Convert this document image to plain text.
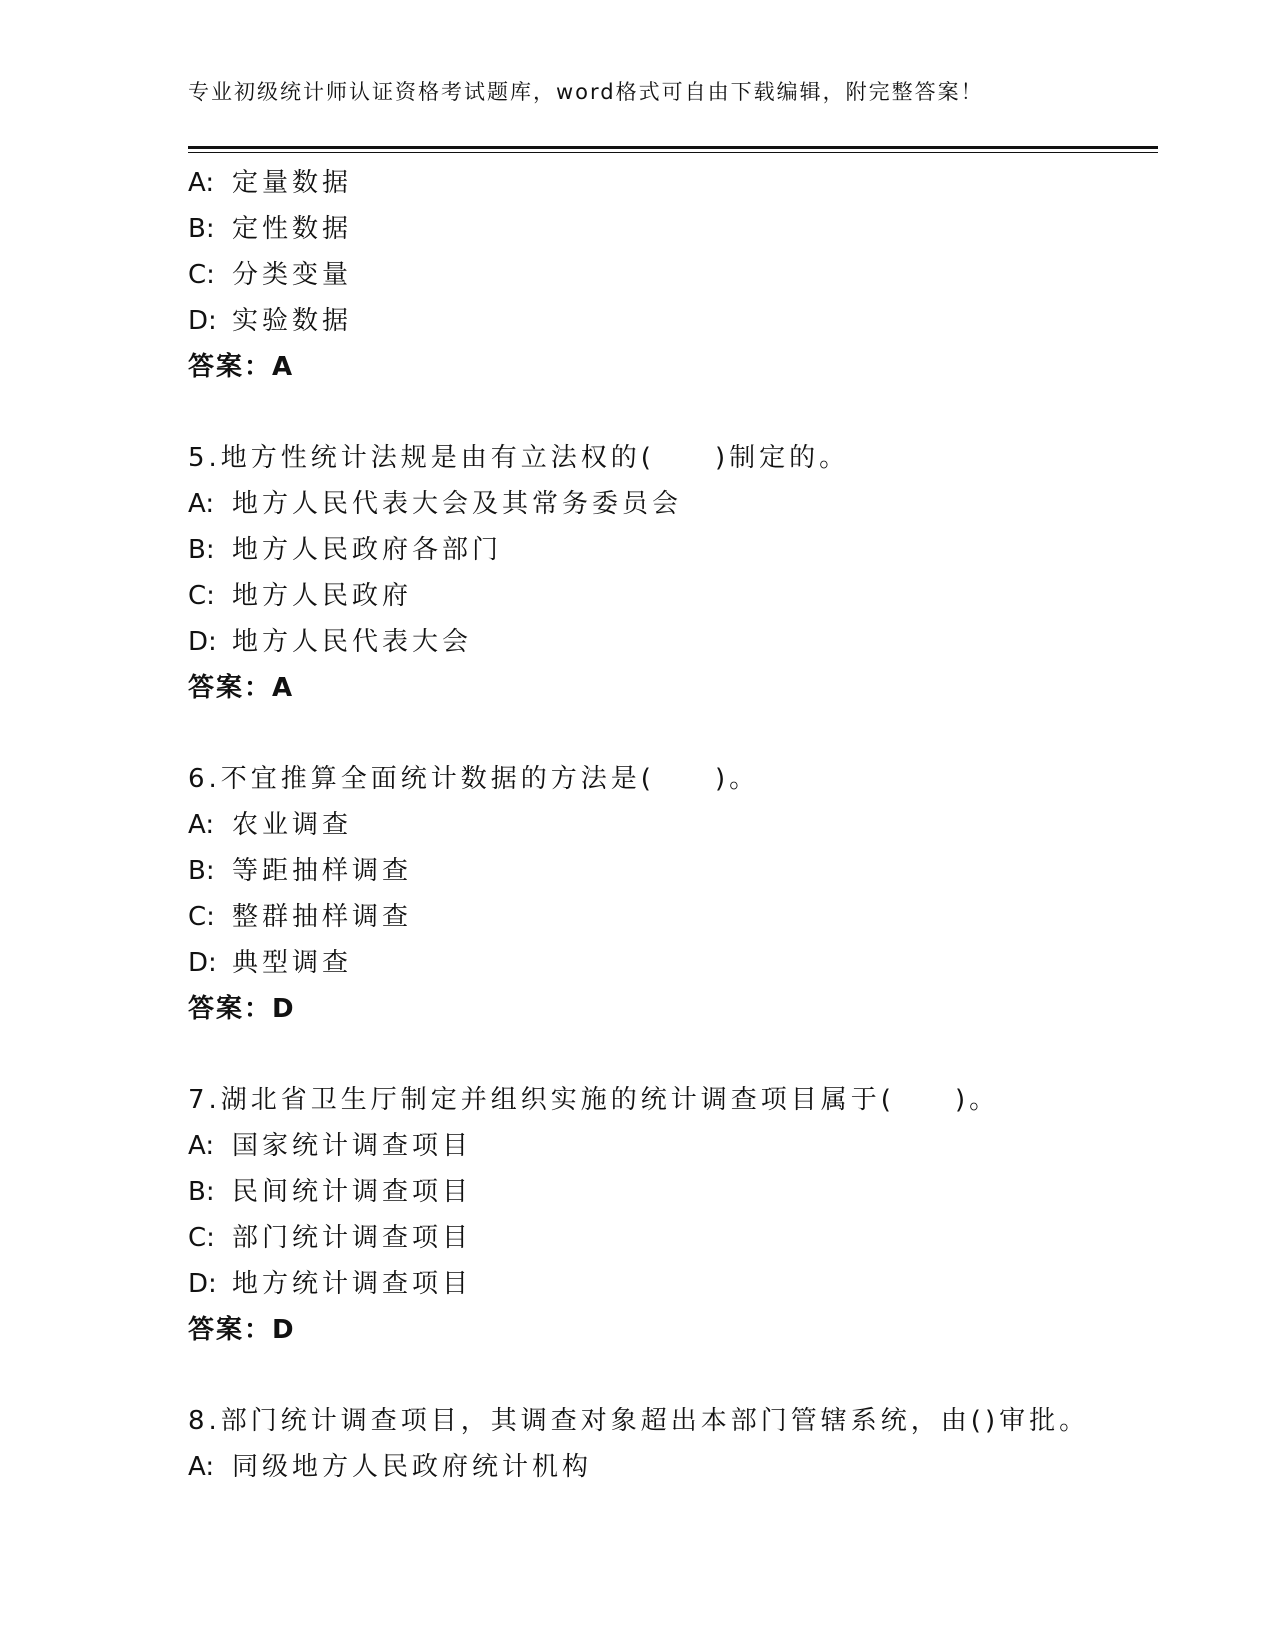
专业初级统计师认证资格考试题库，word格式可自由下载编辑，附完整答案！
A: 定量数据
B: 定性数据
C: 分类变量
D: 实验数据
答案：A
5.地方性统计法规是由有立法权的(　　)制定的。
A: 地方人民代表大会及其常务委员会
B: 地方人民政府各部门
C: 地方人民政府
D: 地方人民代表大会
答案：A
6.不宜推算全面统计数据的方法是(　　)。
A: 农业调查
B: 等距抽样调查
C: 整群抽样调查
D: 典型调查
答案：D
7.湖北省卫生厅制定并组织实施的统计调查项目属于(　　)。
A: 国家统计调查项目
B: 民间统计调查项目
C: 部门统计调查项目
D: 地方统计调查项目
答案：D
8.部门统计调查项目，其调查对象超出本部门管辖系统，由()审批。
A: 同级地方人民政府统计机构
